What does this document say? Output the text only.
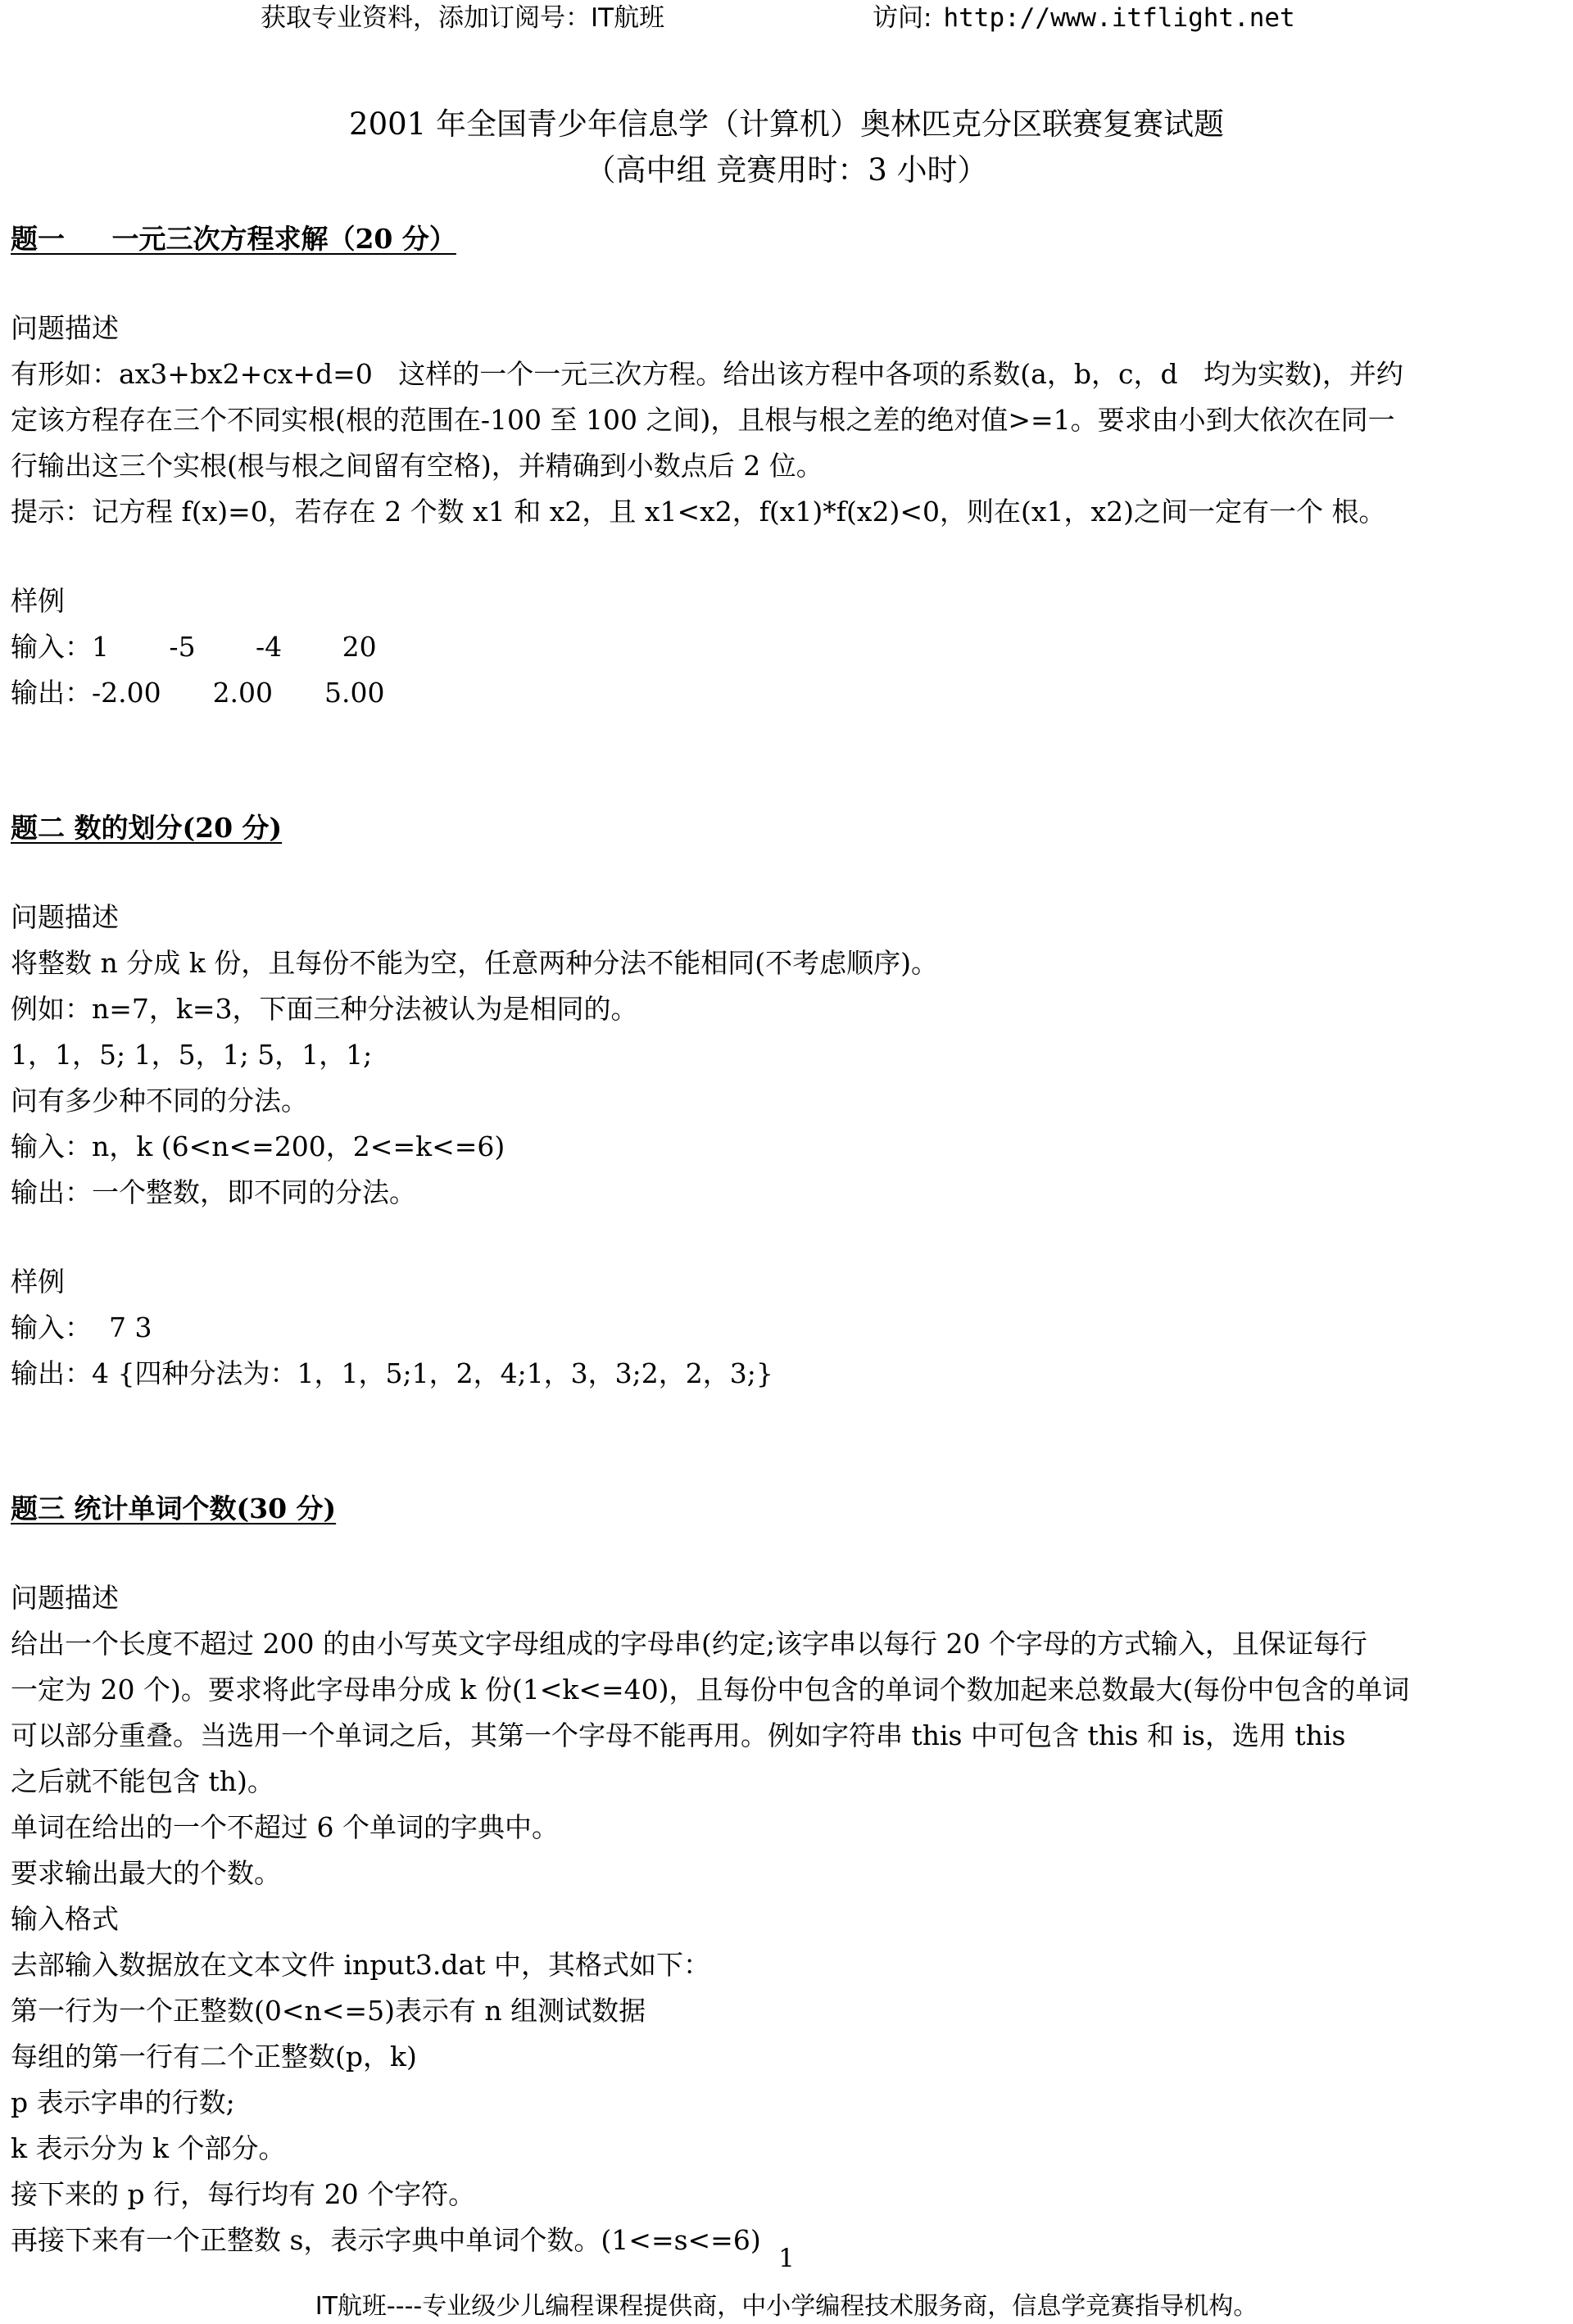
获取专业资料，添加订阅号：IT航班	访问: http://www.itflight.net
2001 年全国青少年信息学（计算机）奥林匹克分区联赛复赛试题
（高中组 竞赛用时：3 小时）

题一     一元三次方程求解（20 分）

问题描述

有形如：ax3+bx2+cx+d=0   这样的一个一元三次方程。给出该方程中各项的系数(a，b，c，d   均为实数)，并约

定该方程存在三个不同实根(根的范围在-100 至 100 之间)，且根与根之差的绝对值>=1。要求由小到大依次在同一

行输出这三个实根(根与根之间留有空格)，并精确到小数点后 2 位。

提示：记方程 f(x)=0，若存在 2 个数 x1 和 x2，且 x1<x2，f(x1)*f(x2)<0，则在(x1，x2)之间一定有一个 根。

样例

输入：1       -5       -4       20

输出：-2.00      2.00      5.00

题二 数的划分(20 分)

问题描述

将整数 n 分成 k 份，且每份不能为空，任意两种分法不能相同(不考虑顺序)。

例如：n=7，k=3，下面三种分法被认为是相同的。

1，1，5; 1，5，1; 5，1，1;

问有多少种不同的分法。

输入：n，k (6<n<=200，2<=k<=6)

输出：一个整数，即不同的分法。

样例

输入：  7 3

输出：4 {四种分法为：1，1，5;1，2，4;1，3，3;2，2，3;}

题三 统计单词个数(30 分)

问题描述

给出一个长度不超过 200 的由小写英文字母组成的字母串(约定;该字串以每行 20 个字母的方式输入，且保证每行

一定为 20 个)。要求将此字母串分成 k 份(1<k<=40)，且每份中包含的单词个数加起来总数最大(每份中包含的单词

可以部分重叠。当选用一个单词之后，其第一个字母不能再用。例如字符串 this 中可包含 this 和 is，选用 this

之后就不能包含 th)。

单词在给出的一个不超过 6 个单词的字典中。

要求输出最大的个数。

输入格式

去部输入数据放在文本文件 input3.dat 中，其格式如下：

第一行为一个正整数(0<n<=5)表示有 n 组测试数据

每组的第一行有二个正整数(p，k)

p 表示字串的行数;

k 表示分为 k 个部分。

接下来的 p 行，每行均有 20 个字符。

再接下来有一个正整数 s，表示字典中单词个数。(1<=s<=6)

1
IT航班----专业级少儿编程课程提供商，中小学编程技术服务商，信息学竞赛指导机构。
